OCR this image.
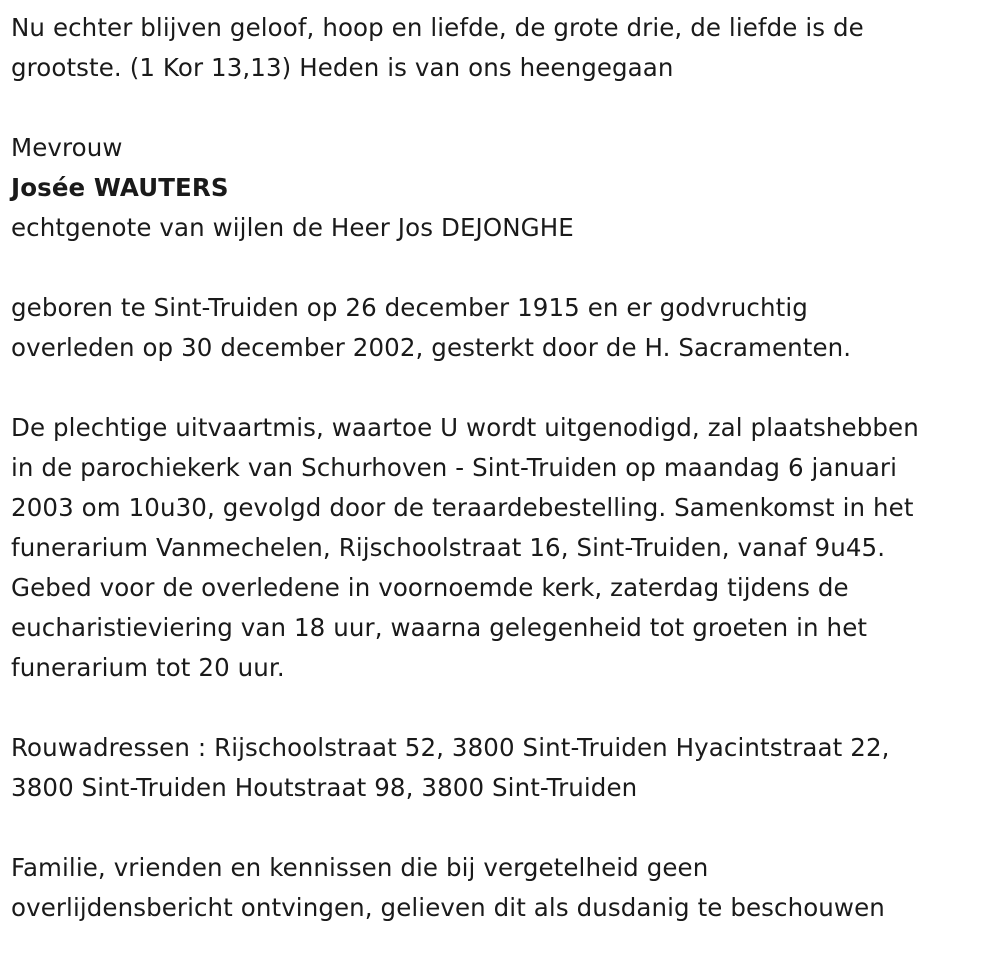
Nu echter blijven geloof, hoop en liefde, de grote drie, de liefde is de
grootste. (1 Kor 13,13) Heden is van ons heengegaan

Mevrouw

Josée WAUTERS

echtgenote van wijlen de Heer Jos DEJONGHE

geboren te Sint-Truiden op 26 december 1915 en er godvruchtig
overleden op 30 december 2002, gesterkt door de H. Sacramenten.

De plechtige uitvaartmis, waartoe U wordt uitgenodigd, zal plaatshebben
in de parochiekerk van Schurhoven - Sint-Truiden op maandag 6 januari
2003 om 10u30, gevolgd door de teraardebestelling. Samenkomst in het
funerarium Vanmechelen, Rijschoolstraat 16, Sint-Truiden, vanaf 9u45.
Gebed voor de overledene in voornoemde kerk, zaterdag tijdens de
eucharistieviering van 18 uur, waarna gelegenheid tot groeten in het
funerarium tot 20 uur.

Rouwadressen : Rijschoolstraat 52, 3800 Sint-Truiden Hyacintstraat 22,
3800 Sint-Truiden Houtstraat 98, 3800 Sint-Truiden

Familie, vrienden en kennissen die bij vergetelheid geen
overlijdensbericht ontvingen, gelieven dit als dusdanig te beschouwen
